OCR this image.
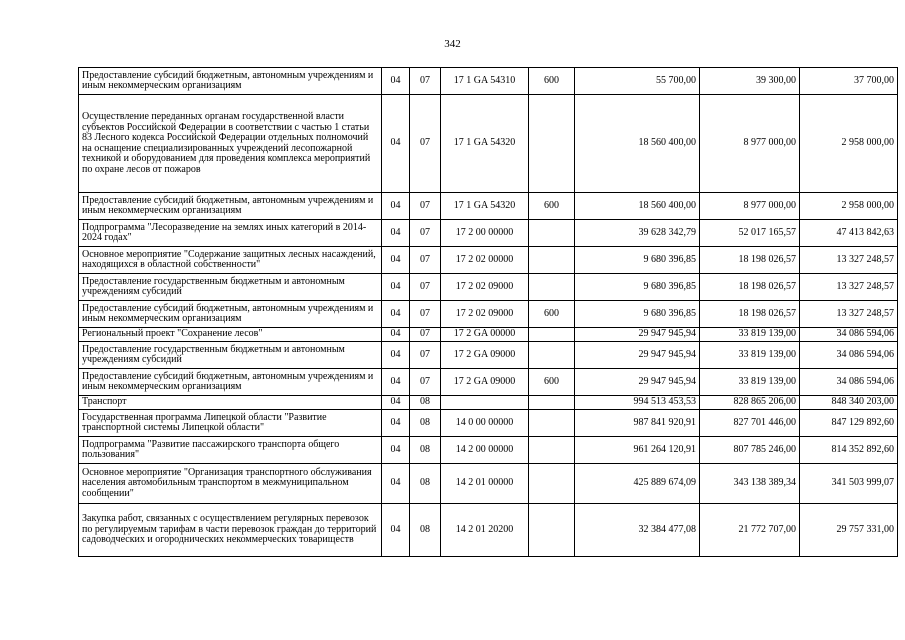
342
Предоставление субсидий бюджетным, автономным учреждениям и иным некоммерческим организациям	04	07	17 1 GA 54310	600	55 700,00	39 300,00	37 700,00
Осуществление переданных органам государственной власти субъектов Российской Федерации в соответствии с частью 1 статьи 83 Лесного кодекса Российской Федерации отдельных полномочий на оснащение специализированных учреждений лесопожарной техникой и оборудованием для проведения комплекса мероприятий по охране лесов от пожаров	04	07	17 1 GA 54320		18 560 400,00	8 977 000,00	2 958 000,00
Предоставление субсидий бюджетным, автономным учреждениям и иным некоммерческим организациям	04	07	17 1 GA 54320	600	18 560 400,00	8 977 000,00	2 958 000,00
Подпрограмма "Лесоразведение на землях иных категорий в 2014-2024 годах"	04	07	17 2 00 00000		39 628 342,79	52 017 165,57	47 413 842,63
Основное мероприятие "Содержание защитных лесных насаждений, находящихся в областной собственности"	04	07	17 2 02 00000		9 680 396,85	18 198 026,57	13 327 248,57
Предоставление государственным бюджетным и автономным учреждениям субсидий	04	07	17 2 02 09000		9 680 396,85	18 198 026,57	13 327 248,57
Предоставление субсидий бюджетным, автономным учреждениям и иным некоммерческим организациям	04	07	17 2 02 09000	600	9 680 396,85	18 198 026,57	13 327 248,57
Региональный проект "Сохранение лесов"	04	07	17 2 GA 00000		29 947 945,94	33 819 139,00	34 086 594,06
Предоставление государственным бюджетным и автономным учреждениям субсидий	04	07	17 2 GA 09000		29 947 945,94	33 819 139,00	34 086 594,06
Предоставление субсидий бюджетным, автономным учреждениям и иным некоммерческим организациям	04	07	17 2 GA 09000	600	29 947 945,94	33 819 139,00	34 086 594,06
Транспорт	04	08			994 513 453,53	828 865 206,00	848 340 203,00
Государственная программа Липецкой области "Развитие транспортной системы Липецкой области"	04	08	14 0 00 00000		987 841 920,91	827 701 446,00	847 129 892,60
Подпрограмма "Развитие пассажирского транспорта общего пользования"	04	08	14 2 00 00000		961 264 120,91	807 785 246,00	814 352 892,60
Основное мероприятие "Организация транспортного обслуживания населения автомобильным транспортом в межмуниципальном сообщении"	04	08	14 2 01 00000		425 889 674,09	343 138 389,34	341 503 999,07
Закупка работ, связанных с осуществлением регулярных перевозок по регулируемым тарифам в части перевозок граждан до территорий садоводческих и огороднических некоммерческих товариществ	04	08	14 2 01 20200		32 384 477,08	21 772 707,00	29 757 331,00
